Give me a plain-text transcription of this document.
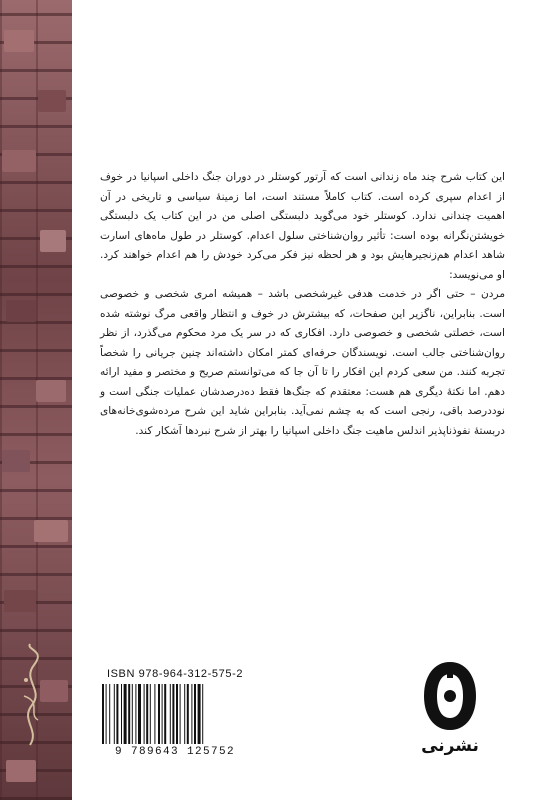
این کتاب شرح چند ماه زندانی است که آرتور کوستلر در دوران جنگ داخلی اسپانیا در خوف از اعدام سپری کرده است. کتاب کاملاً مستند است، اما زمینهٔ سیاسی و تاریخی در آن اهمیت چندانی ندارد. کوستلر خود می‌گوید دلبستگی اصلی من در این کتاب یک دلبستگی خویشتن‌نگرانه بوده است: تأثیر روان‌شناختی سلول اعدام. کوستلر در طول ماه‌های اسارت شاهد اعدام هم‌زنجیرهایش بود و هر لحظه نیز فکر می‌کرد خودش را هم اعدام خواهند کرد. او می‌نویسد:

مردن – حتی اگر در خدمت هدفی غیرشخصی باشد – همیشه امری شخصی و خصوصی است. بنابراین، ناگزیر این صفحات، که بیشترش در خوف و انتظار واقعی مرگ نوشته شده است، خصلتی شخصی و خصوصی دارد. افکاری که در سر یک مرد محکوم می‌گذرد، از نظر روان‌شناختی جالب است. نویسندگان حرفه‌ای کمتر امکان داشته‌اند چنین جریانی را شخصاً تجربه کنند. من سعی کردم این افکار را تا آن جا که می‌توانستم صریح و مختصر و مفید ارائه دهم. اما نکتهٔ دیگری هم هست: معتقدم که جنگ‌ها فقط ده‌درصدشان عملیات جنگی است و نوددرصد باقی، رنجی است که به چشم نمی‌آید. بنابراین شاید این شرح مرده‌شوی‌خانه‌های دربستهٔ نفوذناپذیر اندلس ماهیت جنگ داخلی اسپانیا را بهتر از شرح نبردها آشکار کند.

ISBN 978-964-312-575-2
9 789643 125752	نشرنی
